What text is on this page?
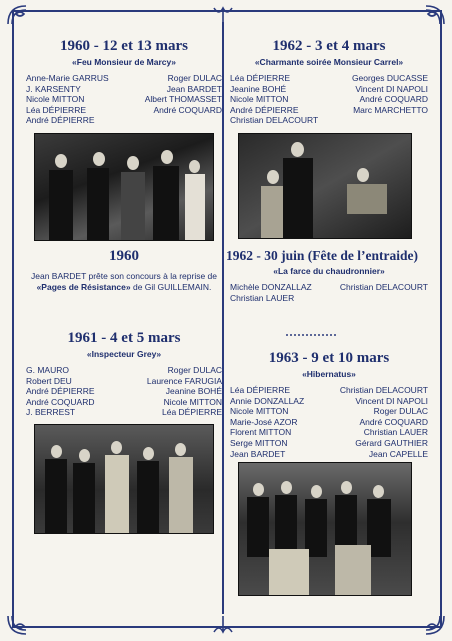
1960 - 12 et 13 mars
«Feu Monsieur de Marcy»
Anne-Marie GARRUS
J. KARSENTY
Nicole MITTON
Léa DÉPIERRE
André DÉPIERRE
Roger DULAC
Jean BARDET
Albert THOMASSET
André COQUARD
1960
Jean BARDET prête son concours à la reprise de «Pages de Résistance» de Gil GUILLEMAIN.
1961 - 4 et 5 mars
«Inspecteur Grey»
G. MAURO
Robert DEU
André DÉPIERRE
André COQUARD
J. BERREST
Roger DULAC
Laurence FARUGIA
Jeanine BOHÉ
Nicole MITTON
Léa DÉPIERRE
1962 - 3 et 4 mars
«Charmante soirée Monsieur Carrel»
Léa DÉPIERRE
Jeanine BOHÉ
Nicole MITTON
André DÉPIERRE
Christian DELACOURT
Georges DUCASSE
Vincent DI NAPOLI
André COQUARD
Marc MARCHETTO
1962 - 30 juin (Fête de l’entraide)
«La farce du chaudronnier»
Michèle DONZALLAZ
Christian LAUER
Christian DELACOURT
1963 - 9 et 10 mars
«Hibernatus»
Léa DÉPIERRE
Annie DONZALLAZ
Nicole MITTON
Marie-José AZOR
Florent MITTON
Serge MITTON
Jean BARDET
Christian DELACOURT
Vincent DI NAPOLI
Roger DULAC
André COQUARD
Christian LAUER
Gérard GAUTHIER
Jean CAPELLE
